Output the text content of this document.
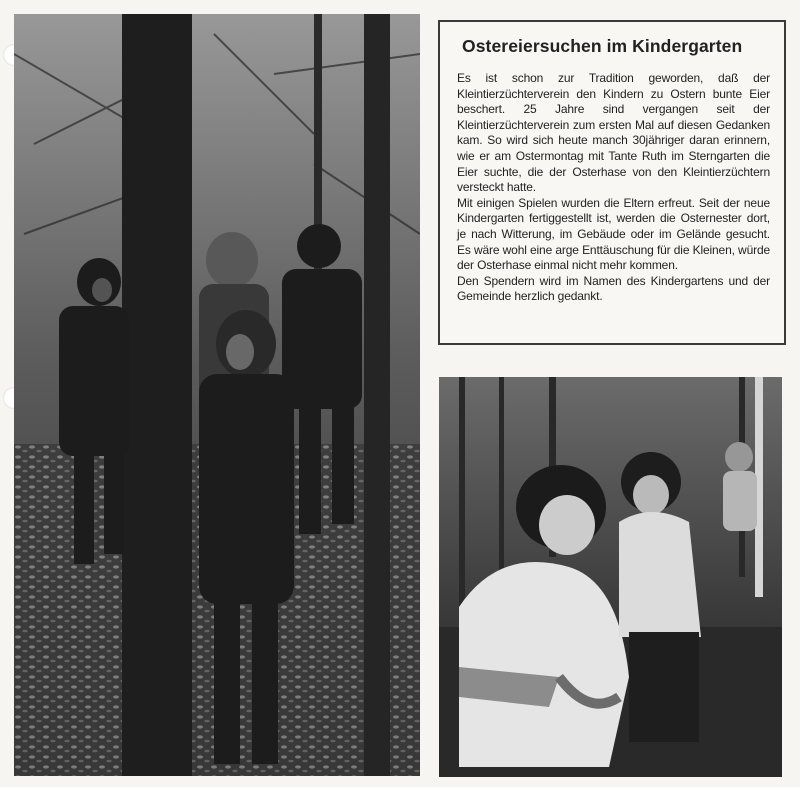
Ostereiersuchen im Kindergarten

Es ist schon zur Tradition geworden, daß der Kleintierzüchterverein den Kindern zu Ostern bunte Eier beschert. 25 Jahre sind vergangen seit der Kleintierzüchterverein zum ersten Mal auf diesen Gedanken kam. So wird sich heute manch 30jähriger daran erinnern, wie er am Ostermontag mit Tante Ruth im Sterngarten die Eier suchte, die der Osterhase von den Kleintierzüchtern versteckt hatte.

Mit einigen Spielen wurden die Eltern erfreut. Seit der neue Kindergarten fertiggestellt ist, werden die Osternester dort, je nach Witterung, im Gebäude oder im Gelände gesucht. Es wäre wohl eine arge Enttäuschung für die Kleinen, würde der Osterhase einmal nicht mehr kommen.

Den Spendern wird im Namen des Kindergartens und der Gemeinde herzlich gedankt.
